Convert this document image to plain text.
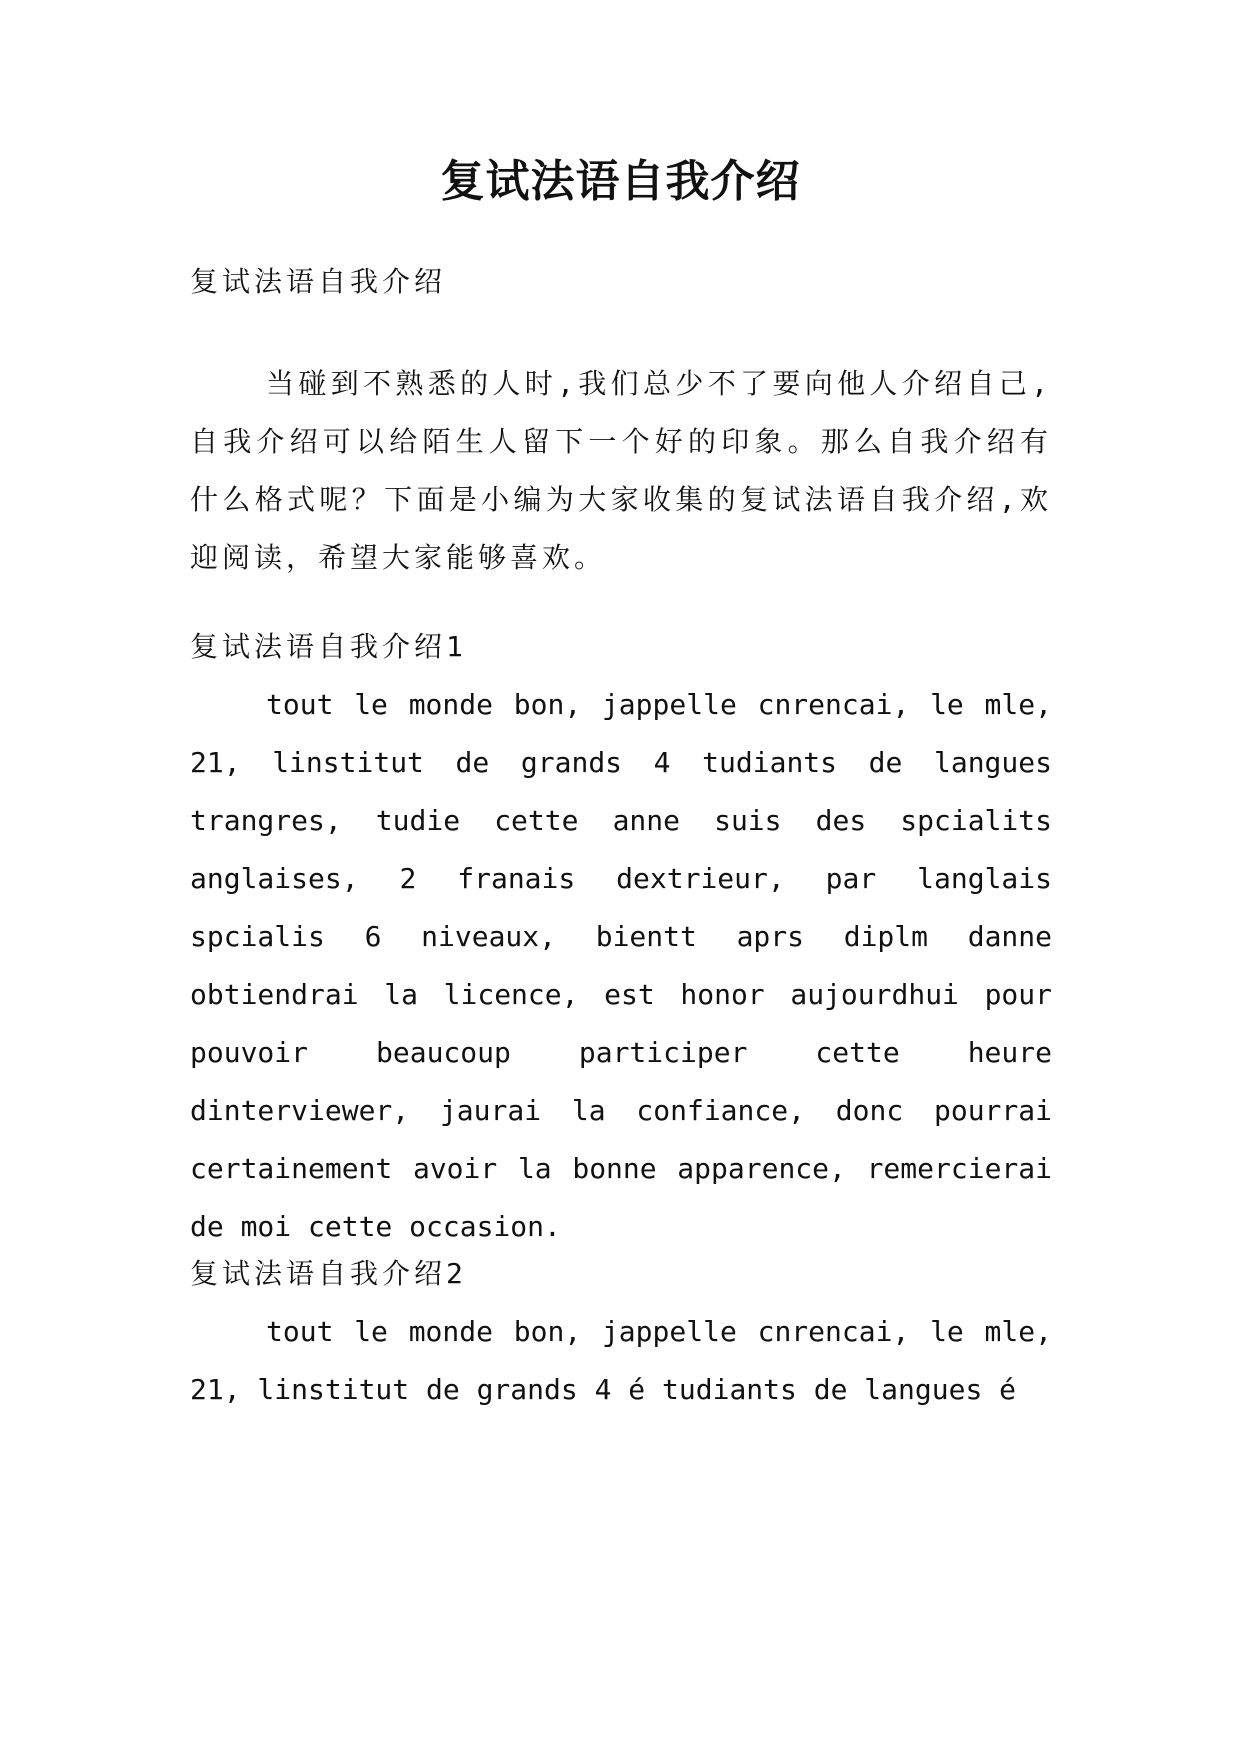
复试法语自我介绍

复试法语自我介绍

当碰到不熟悉的人时,我们总少不了要向他人介绍自己,自我介绍可以给陌生人留下一个好的印象。那么自我介绍有什么格式呢？下面是小编为大家收集的复试法语自我介绍,欢迎阅读，希望大家能够喜欢。

复试法语自我介绍1

tout le monde bon, jappelle cnrencai, le mle, 21, linstitut de grands 4 tudiants de langues trangres, tudie cette anne suis des spcialits anglaises, 2 franais dextrieur, par langlais spcialis 6 niveaux, bientt aprs diplm danne obtiendrai la licence, est honor aujourdhui pour pouvoir beaucoup participer cette heure dinterviewer, jaurai la confiance, donc pourrai certainement avoir la bonne apparence, remercierai de moi cette occasion.

复试法语自我介绍2

tout le monde bon, jappelle cnrencai, le mle, 21, linstitut de grands 4 é tudiants de langues é
